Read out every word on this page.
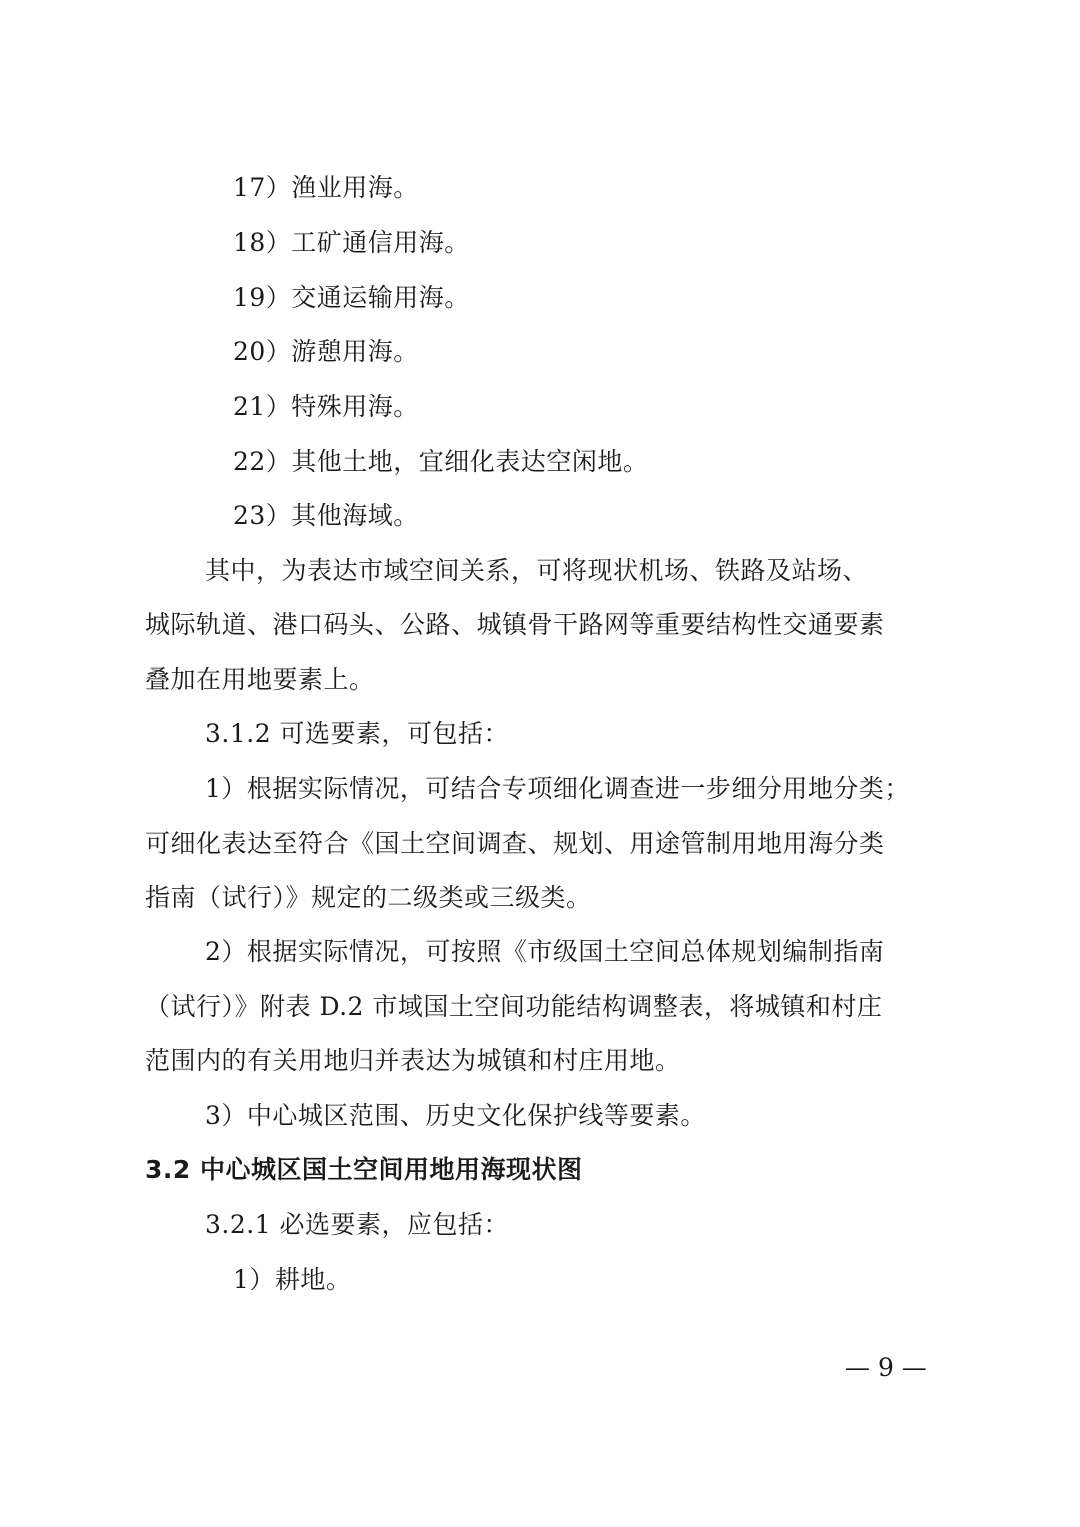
17）渔业用海。
18）工矿通信用海。
19）交通运输用海。
20）游憩用海。
21）特殊用海。
22）其他土地，宜细化表达空闲地。
23）其他海域。
其中，为表达市域空间关系，可将现状机场、铁路及站场、
城际轨道、港口码头、公路、城镇骨干路网等重要结构性交通要素
叠加在用地要素上。
3.1.2 可选要素，可包括：
1）根据实际情况，可结合专项细化调查进一步细分用地分类；
可细化表达至符合《国土空间调查、规划、用途管制用地用海分类
指南（试行）》规定的二级类或三级类。
2）根据实际情况，可按照《市级国土空间总体规划编制指南
（试行）》附表 D.2 市域国土空间功能结构调整表，将城镇和村庄
范围内的有关用地归并表达为城镇和村庄用地。
3）中心城区范围、历史文化保护线等要素。
3.2 中心城区国土空间用地用海现状图
3.2.1 必选要素，应包括：
1）耕地。
— 9 —
